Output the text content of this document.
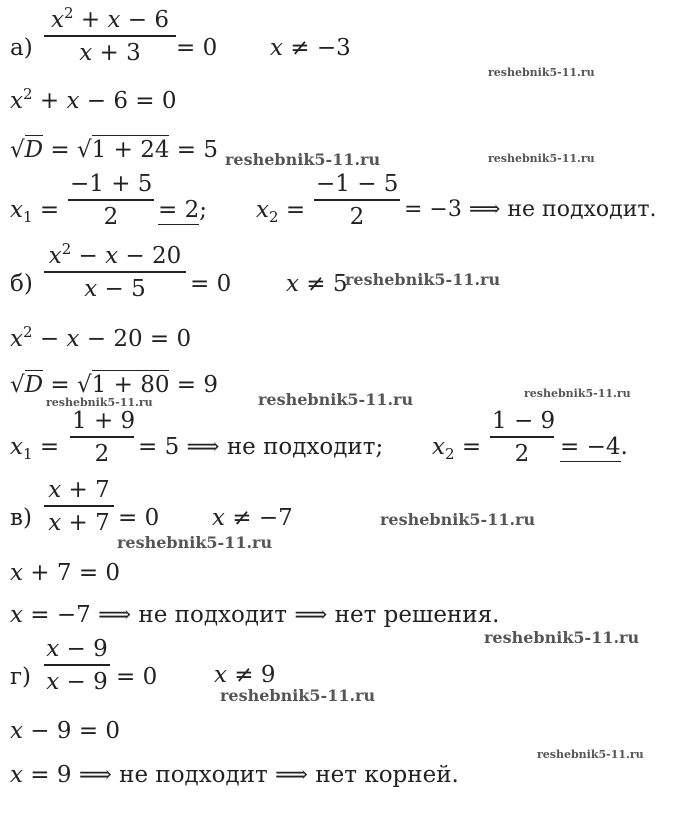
$а) \frac{x^2 + x - 6}{x + 3} = 0$ x ≠ −3
$x^2 + x - 6 = 0$
√D = √1 + 24 = 5
$x_1 = \frac{-1 + 5}{2} = 2$; $x_2 = \frac{-1 - 5}{2} = -3$ ⟹ не подходит.
$б) \frac{x^2 - x - 20}{x - 5} = 0$ x ≠ 5
$x^2 - x - 20 = 0$
√D = √1 + 80 = 9
$x_1 = \frac{1 + 9}{2} = 5$ ⟹ не подходит; $x_2 = \frac{1 - 9}{2} = -4$.
$в) \frac{x + 7}{x + 7} = 0$ x ≠ −7
x + 7 = 0
x = −7 ⟹ не подходит ⟹ нет решения.
$г) \frac{x - 9}{x - 9} = 0$ x ≠ 9
x − 9 = 0
x = 9 ⟹ не подходит ⟹ нет корней.
reshebnik5-11.ru
reshebnik5-11.ru	reshebnik5-11.ru
reshebnik5-11.ru
reshebnik5-11.ru	reshebnik5-11.ru	reshebnik5-11.ru
reshebnik5-11.ru
reshebnik5-11.ru
reshebnik5-11.ru
reshebnik5-11.ru
reshebnik5-11.ru
